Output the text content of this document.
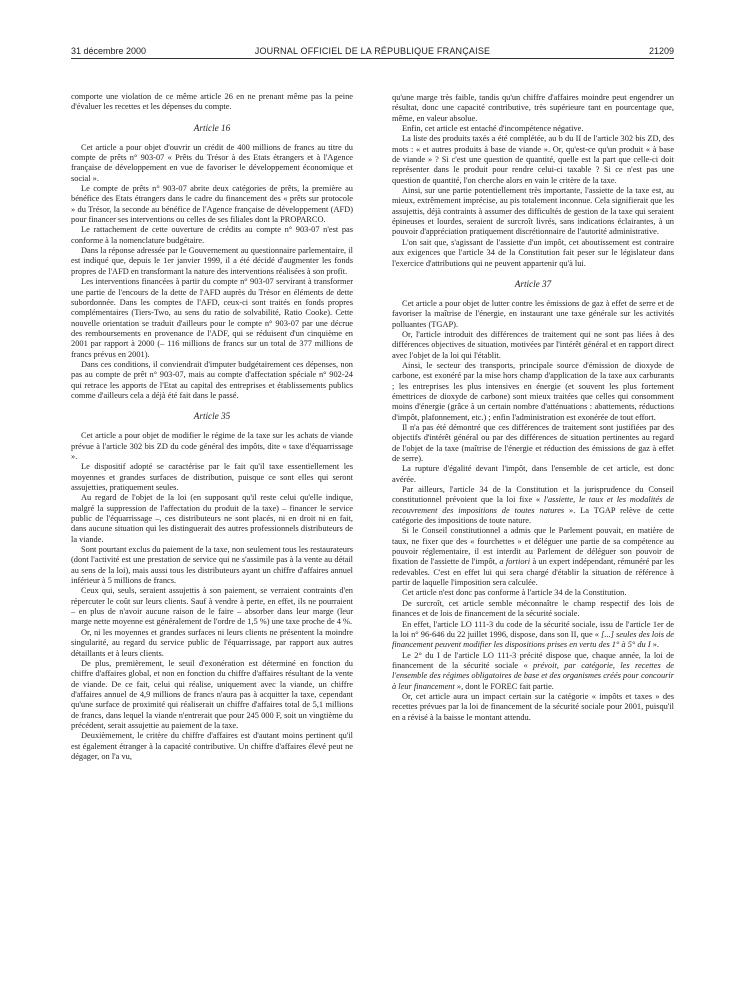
31 décembre 2000	JOURNAL OFFICIEL DE LA RÉPUBLIQUE FRANÇAISE	21209

comporte une violation de ce même article 26 en ne prenant même pas la peine d'évaluer les recettes et les dépenses du compte.

Article 16

Cet article a pour objet d'ouvrir un crédit de 400 millions de francs au titre du compte de prêts n° 903-07 « Prêts du Trésor à des Etats étrangers et à l'Agence française de développement en vue de favoriser le développement économique et social ».

Le compte de prêts n° 903-07 abrite deux catégories de prêts, la première au bénéfice des Etats étrangers dans le cadre du financement des « prêts sur protocole » du Trésor, la seconde au bénéfice de l'Agence française de développement (AFD) pour financer ses interventions ou celles de ses filiales dont la PROPARCO.

Le rattachement de cette ouverture de crédits au compte n° 903-07 n'est pas conforme à la nomenclature budgétaire.

Dans la réponse adressée par le Gouvernement au questionnaire parlementaire, il est indiqué que, depuis le 1er janvier 1999, il a été décidé d'augmenter les fonds propres de l'AFD en transformant la nature des interventions réalisées à son profit.

Les interventions financées à partir du compte n° 903-07 servirant à transformer une partie de l'encours de la dette de l'AFD auprès du Trésor en éléments de dette subordonnée. Dans les comptes de l'AFD, ceux-ci sont traités en fonds propres complémentaires (Tiers-Two, au sens du ratio de solvabilité, Ratio Cooke). Cette nouvelle orientation se traduit d'ailleurs pour le compte n° 903-07 par une décrue des remboursements en provenance de l'ADF, qui se réduisent d'un cinquième en 2001 par rapport à 2000 (– 116 millions de francs sur un total de 377 millions de francs prévus en 2001).

Dans ces conditions, il conviendrait d'imputer budgétairement ces dépenses, non pas au compte de prêt n° 903-07, mais au compte d'affectation spéciale n° 902-24 qui retrace les apports de l'Etat au capital des entreprises et établissements publics comme d'ailleurs cela a déjà été fait dans le passé.

Article 35

Cet article a pour objet de modifier le régime de la taxe sur les achats de viande prévue à l'article 302 bis ZD du code général des impôts, dite « taxe d'équarrissage ».

Le dispositif adopté se caractérise par le fait qu'il taxe essentiellement les moyennes et grandes surfaces de distribution, puisque ce sont elles qui seront assujetties, pratiquement seules.

Au regard de l'objet de la loi (en supposant qu'il reste celui qu'elle indique, malgré la suppression de l'affectation du produit de la taxe) – financer le service public de l'équarrissage –, ces distributeurs ne sont placés, ni en droit ni en fait, dans aucune situation qui les distinguerait des autres professionnels distributeurs de la viande.

Sont pourtant exclus du paiement de la taxe, non seulement tous les restaurateurs (dont l'activité est une prestation de service qui ne s'assimile pas à la vente au détail au sens de la loi), mais aussi tous les distributeurs ayant un chiffre d'affaires annuel inférieur à 5 millions de francs.

Ceux qui, seuls, seraient assujettis à son paiement, se verraient contraints d'en répercuter le coût sur leurs clients. Sauf à vendre à perte, en effet, ils ne pourraient – en plus de n'avoir aucune raison de le faire – absorber dans leur marge (leur marge nette moyenne est généralement de l'ordre de 1,5 %) une taxe proche de 4 %.

Or, ni les moyennes et grandes surfaces ni leurs clients ne présentent la moindre singularité, au regard du service public de l'équarrissage, par rapport aux autres détaillants et à leurs clients.

De plus, premièrement, le seuil d'exonération est déterminé en fonction du chiffre d'affaires global, et non en fonction du chiffre d'affaires résultant de la vente de viande. De ce fait, celui qui réalise, uniquement avec la viande, un chiffre d'affaires annuel de 4,9 millions de francs n'aura pas à acquitter la taxe, cependant qu'une surface de proximité qui réaliserait un chiffre d'affaires total de 5,1 millions de francs, dans lequel la viande n'entrerait que pour 245 000 F, soit un vingtième du précédent, serait assujettie au paiement de la taxe.

Deuxièmement, le critère du chiffre d'affaires est d'autant moins pertinent qu'il est également étranger à la capacité contributive. Un chiffre d'affaires élevé peut ne dégager, on l'a vu,

qu'une marge très faible, tandis qu'un chiffre d'affaires moindre peut engendrer un résultat, donc une capacité contributive, très supérieure tant en pourcentage que, même, en valeur absolue.

Enfin, cet article est entaché d'incompétence négative.

La liste des produits taxés a été complétée, au b du II de l'article 302 bis ZD, des mots : « et autres produits à base de viande ». Or, qu'est-ce qu'un produit « à base de viande » ? Si c'est une question de quantité, quelle est la part que celle-ci doit représenter dans le produit pour rendre celui-ci taxable ? Si ce n'est pas une question de quantité, l'on cherche alors en vain le critère de la taxe.

Ainsi, sur une partie potentiellement très importante, l'assiette de la taxe est, au mieux, extrêmement imprécise, au pis totalement inconnue. Cela signifierait que les assujettis, déjà contraints à assumer des difficultés de gestion de la taxe qui seraient épineuses et lourdes, seraient de surcroît livrés, sans indications éclairantes, à un pouvoir d'appréciation pratiquement discrétionnaire de l'autorité administrative.

L'on sait que, s'agissant de l'assiette d'un impôt, cet aboutissement est contraire aux exigences que l'article 34 de la Constitution fait peser sur le législateur dans l'exercice d'attributions qui ne peuvent appartenir qu'à lui.

Article 37

Cet article a pour objet de lutter contre les émissions de gaz à effet de serre et de favoriser la maîtrise de l'énergie, en instaurant une taxe générale sur les activités polluantes (TGAP).

Or, l'article introduit des différences de traitement qui ne sont pas liées à des différences objectives de situation, motivées par l'intérêt général et en rapport direct avec l'objet de la loi qui l'établit.

Ainsi, le secteur des transports, principale source d'émission de dioxyde de carbone, est exonéré par la mise hors champ d'application de la taxe aux carburants ; les entreprises les plus intensives en énergie (et souvent les plus fortement émettrices de dioxyde de carbone) sont mieux traitées que celles qui consomment moins d'énergie (grâce à un certain nombre d'atténuations : abattements, réductions d'impôt, plafonnement, etc.) ; enfin l'administration est exonérée de tout effort.

Il n'a pas été démontré que ces différences de traitement sont justifiées par des objectifs d'intérêt général ou par des différences de situation pertinentes au regard de l'objet de la taxe (maîtrise de l'énergie et réduction des émissions de gaz à effet de serre).

La rupture d'égalité devant l'impôt, dans l'ensemble de cet article, est donc avérée.

Par ailleurs, l'article 34 de la Constitution et la jurisprudence du Conseil constitutionnel prévoient que la loi fixe « l'assiette, le taux et les modalités de recouvrement des impositions de toutes natures ». La TGAP relève de cette catégorie des impositions de toute nature.

Si le Conseil constitutionnel a admis que le Parlement pouvait, en matière de taux, ne fixer que des « fourchettes » et déléguer une partie de sa compétence au pouvoir réglementaire, il est interdit au Parlement de déléguer son pouvoir de fixation de l'assiette de l'impôt, a fortiori à un expert indépendant, rémunéré par les redevables. C'est en effet lui qui sera chargé d'établir la situation de référence à partir de laquelle l'imposition sera calculée.

Cet article n'est donc pas conforme à l'article 34 de la Constitution.

De surcroît, cet article semble méconnaître le champ respectif des lois de finances et de lois de financement de la sécurité sociale.

En effet, l'article LO 111-3 du code de la sécurité sociale, issu de l'article 1er de la loi n° 96-646 du 22 juillet 1996, dispose, dans son II, que « [...] seules des lois de financement peuvent modifier les dispositions prises en vertu des 1° à 5° du I ».

Le 2° du I de l'article LO 111-3 précité dispose que, chaque année, la loi de financement de la sécurité sociale « prévoit, par catégorie, les recettes de l'ensemble des régimes obligatoires de base et des organismes créés pour concourir à leur financement », dont le FOREC fait partie.

Or, cet article aura un impact certain sur la catégorie « impôts et taxes » des recettes prévues par la loi de financement de la sécurité sociale pour 2001, puisqu'il en a révisé à la baisse le montant attendu.
